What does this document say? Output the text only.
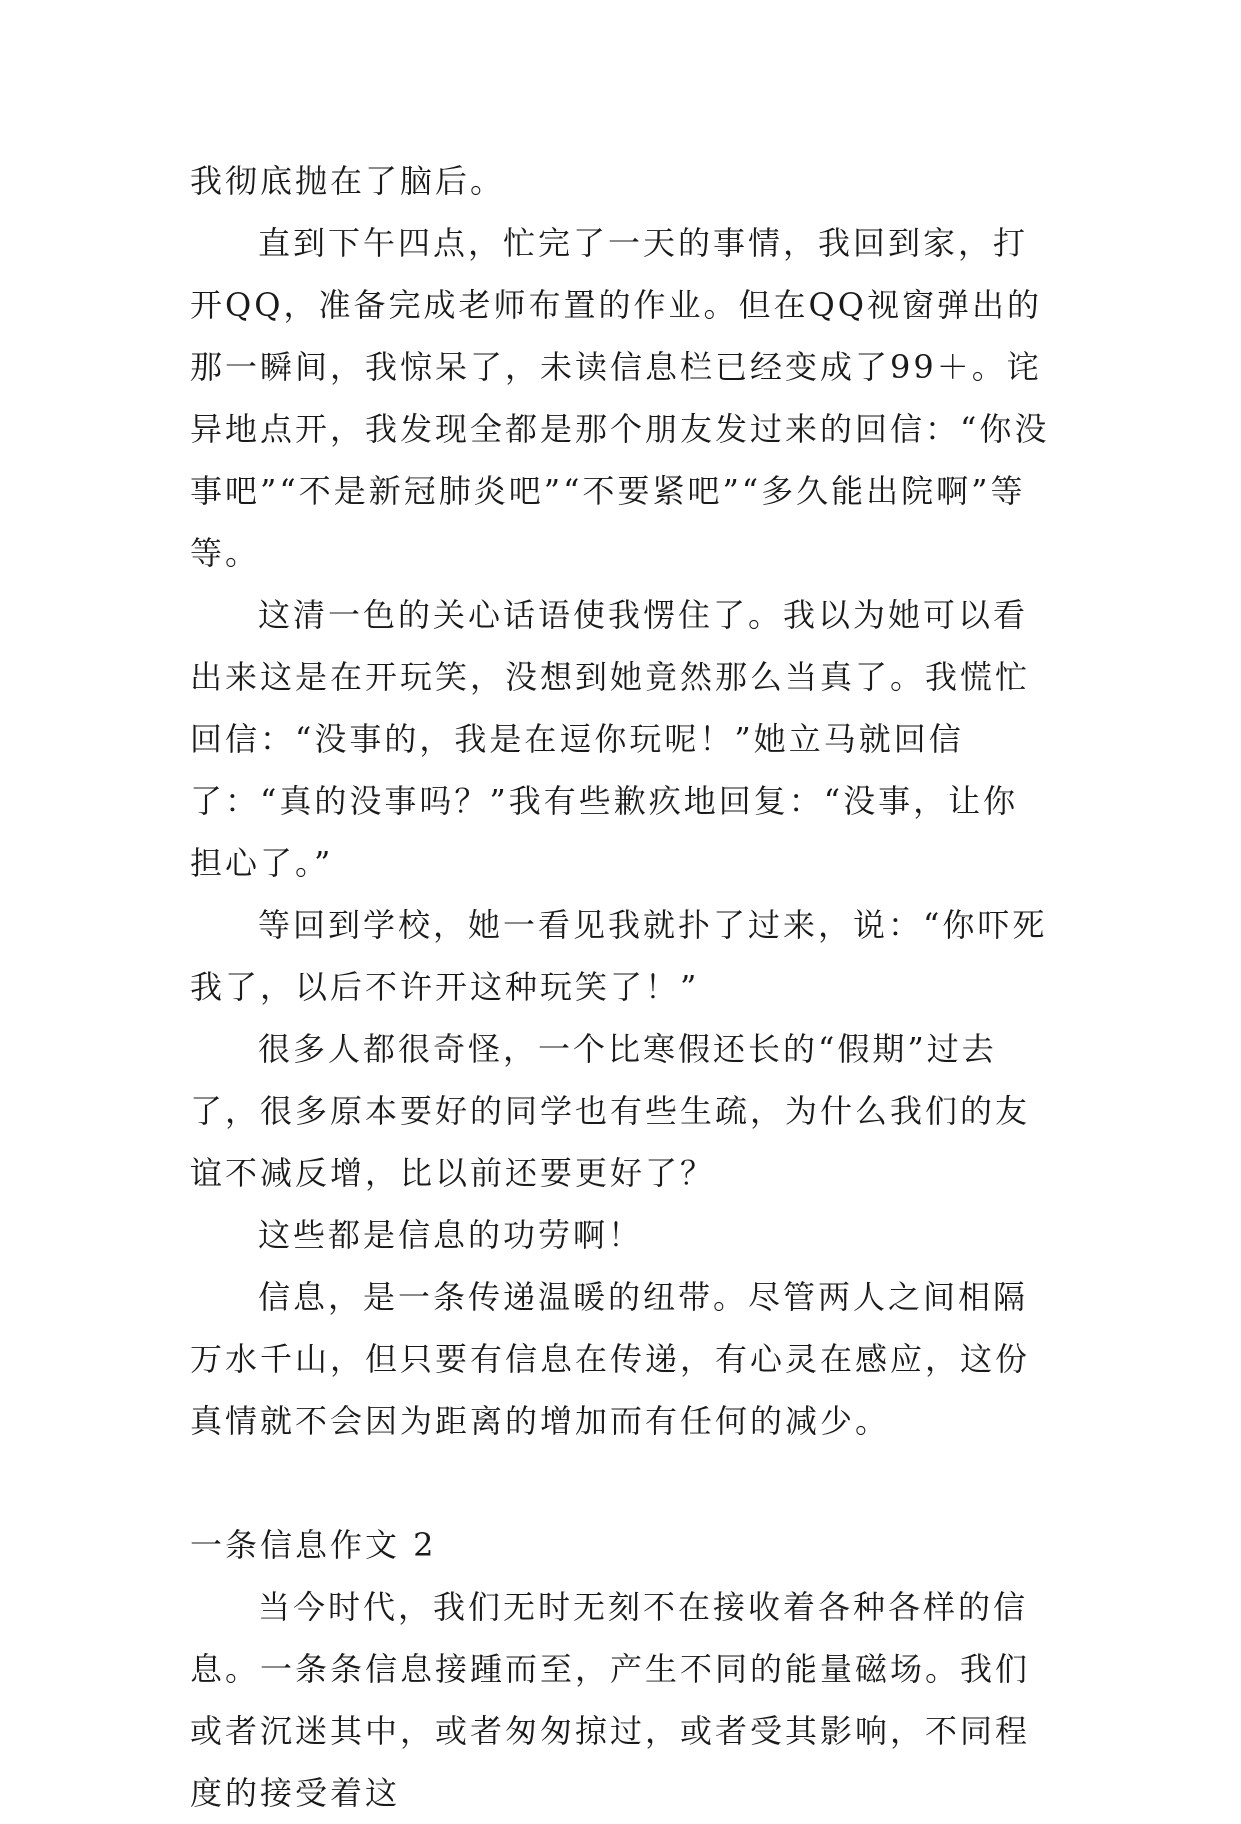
我彻底抛在了脑后。

直到下午四点，忙完了一天的事情，我回到家，打开QQ，准备完成老师布置的作业。但在QQ视窗弹出的那一瞬间，我惊呆了，未读信息栏已经变成了99＋。诧异地点开，我发现全都是那个朋友发过来的回信：“你没事吧”“不是新冠肺炎吧”“不要紧吧”“多久能出院啊”等等。

这清一色的关心话语使我愣住了。我以为她可以看出来这是在开玩笑，没想到她竟然那么当真了。我慌忙回信：“没事的，我是在逗你玩呢！”她立马就回信了：“真的没事吗？”我有些歉疚地回复：“没事，让你担心了。”

等回到学校，她一看见我就扑了过来，说：“你吓死我了，以后不许开这种玩笑了！”

很多人都很奇怪，一个比寒假还长的“假期”过去了，很多原本要好的同学也有些生疏，为什么我们的友谊不减反增，比以前还要更好了？

这些都是信息的功劳啊！

信息，是一条传递温暖的纽带。尽管两人之间相隔万水千山，但只要有信息在传递，有心灵在感应，这份真情就不会因为距离的增加而有任何的减少。

一条信息作文 2

当今时代，我们无时无刻不在接收着各种各样的信息。一条条信息接踵而至，产生不同的能量磁场。我们或者沉迷其中，或者匆匆掠过，或者受其影响，不同程度的接受着这
